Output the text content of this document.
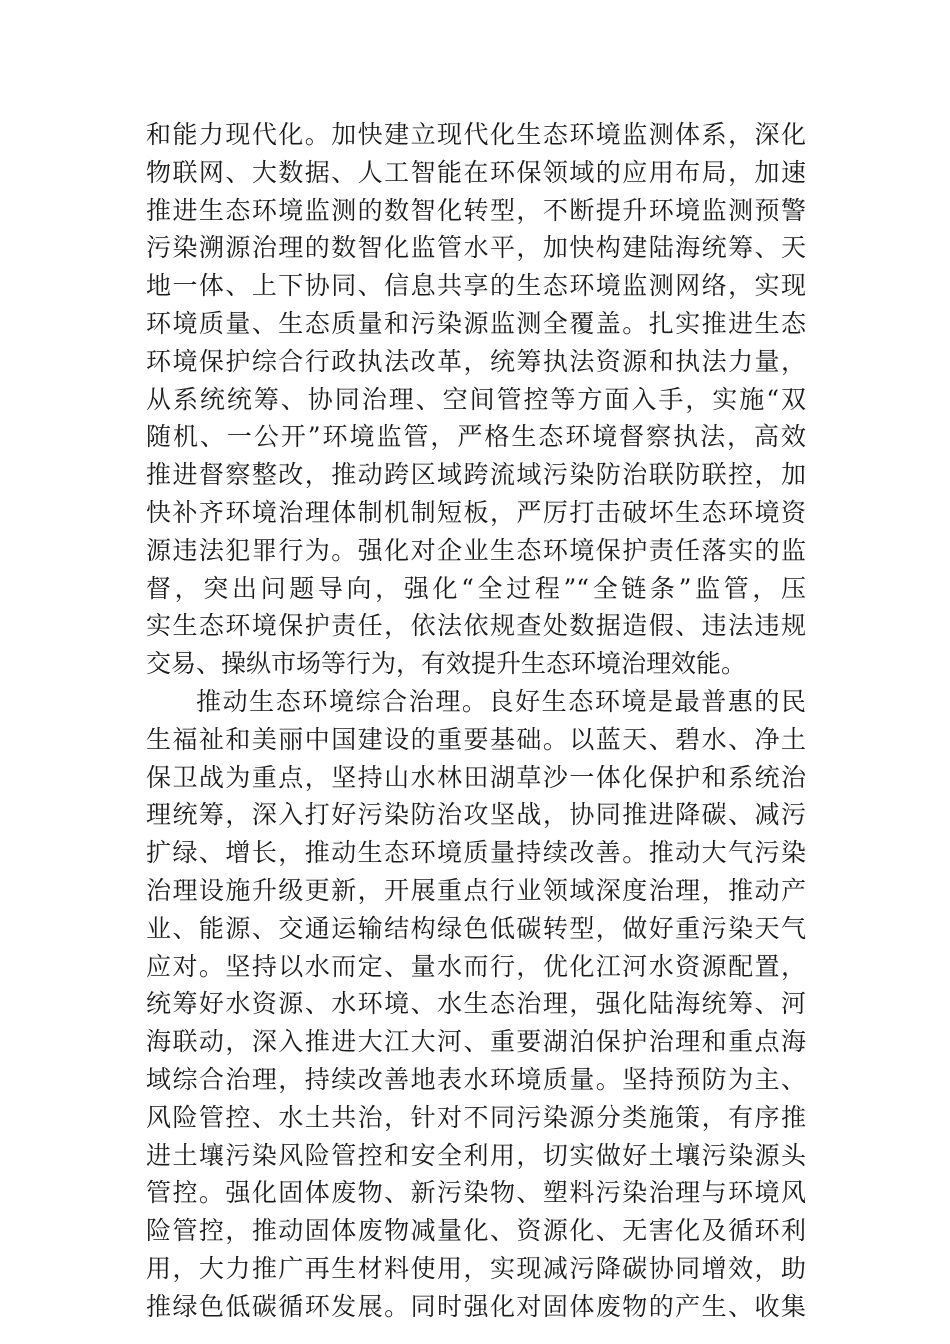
和能力现代化。加快建立现代化生态环境监测体系，深化
物联网、大数据、人工智能在环保领域的应用布局，加速
推进生态环境监测的数智化转型，不断提升环境监测预警
污染溯源治理的数智化监管水平，加快构建陆海统筹、天
地一体、上下协同、信息共享的生态环境监测网络，实现
环境质量、生态质量和污染源监测全覆盖。扎实推进生态
环境保护综合行政执法改革，统筹执法资源和执法力量，
从系统统筹、协同治理、空间管控等方面入手，实施“双
随机、一公开”环境监管，严格生态环境督察执法，高效
推进督察整改，推动跨区域跨流域污染防治联防联控，加
快补齐环境治理体制机制短板，严厉打击破坏生态环境资
源违法犯罪行为。强化对企业生态环境保护责任落实的监
督，突出问题导向，强化“全过程”“全链条”监管，压
实生态环境保护责任，依法依规查处数据造假、违法违规
交易、操纵市场等行为，有效提升生态环境治理效能。
推动生态环境综合治理。良好生态环境是最普惠的民
生福祉和美丽中国建设的重要基础。以蓝天、碧水、净土
保卫战为重点，坚持山水林田湖草沙一体化保护和系统治
理统筹，深入打好污染防治攻坚战，协同推进降碳、减污
扩绿、增长，推动生态环境质量持续改善。推动大气污染
治理设施升级更新，开展重点行业领域深度治理，推动产
业、能源、交通运输结构绿色低碳转型，做好重污染天气
应对。坚持以水而定、量水而行，优化江河水资源配置，
统筹好水资源、水环境、水生态治理，强化陆海统筹、河
海联动，深入推进大江大河、重要湖泊保护治理和重点海
域综合治理，持续改善地表水环境质量。坚持预防为主、
风险管控、水土共治，针对不同污染源分类施策，有序推
进土壤污染风险管控和安全利用，切实做好土壤污染源头
管控。强化固体废物、新污染物、塑料污染治理与环境风
险管控，推动固体废物减量化、资源化、无害化及循环利
用，大力推广再生材料使用，实现减污降碳协同增效，助
推绿色低碳循环发展。同时强化对固体废物的产生、收集
